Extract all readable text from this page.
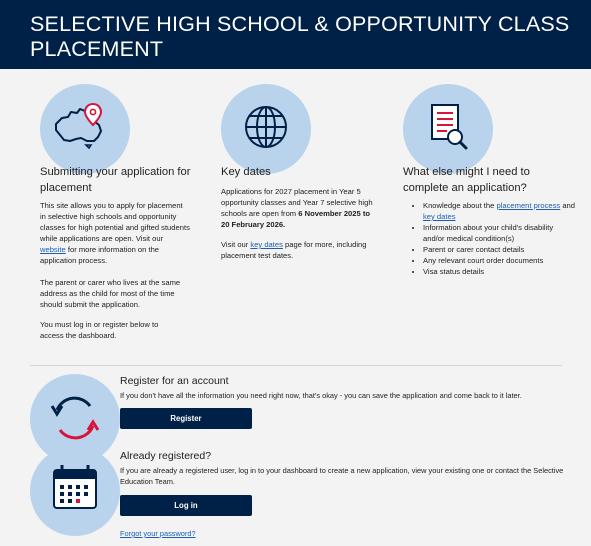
SELECTIVE HIGH SCHOOL & OPPORTUNITY CLASS PLACEMENT
Submitting your application for placement

This site allows you to apply for placement in selective high schools and opportunity classes for high potential and gifted students while applications are open. Visit our website for more information on the application process.

The parent or carer who lives at the same address as the child for most of the time should submit the application.

You must log in or register below to access the dashboard.

Key dates

Applications for 2027 placement in Year 5 opportunity classes and Year 7 selective high schools are open from 6 November 2025 to 20 February 2026.

Visit our key dates page for more, including placement test dates.

What else might I need to complete an application?
• Knowledge about the placement process and key dates
• Information about your child's disability and/or medical condition(s)
• Parent or carer contact details
• Any relevant court order documents
• Visa status details
Register for an account

If you don't have all the information you need right now, that's okay - you can save the application and come back to it later.

Register
Already registered?

If you are already a registered user, log in to your dashboard to create a new application, view your existing one or contact the Selective Education Team.

Log in
Forgot your password?
